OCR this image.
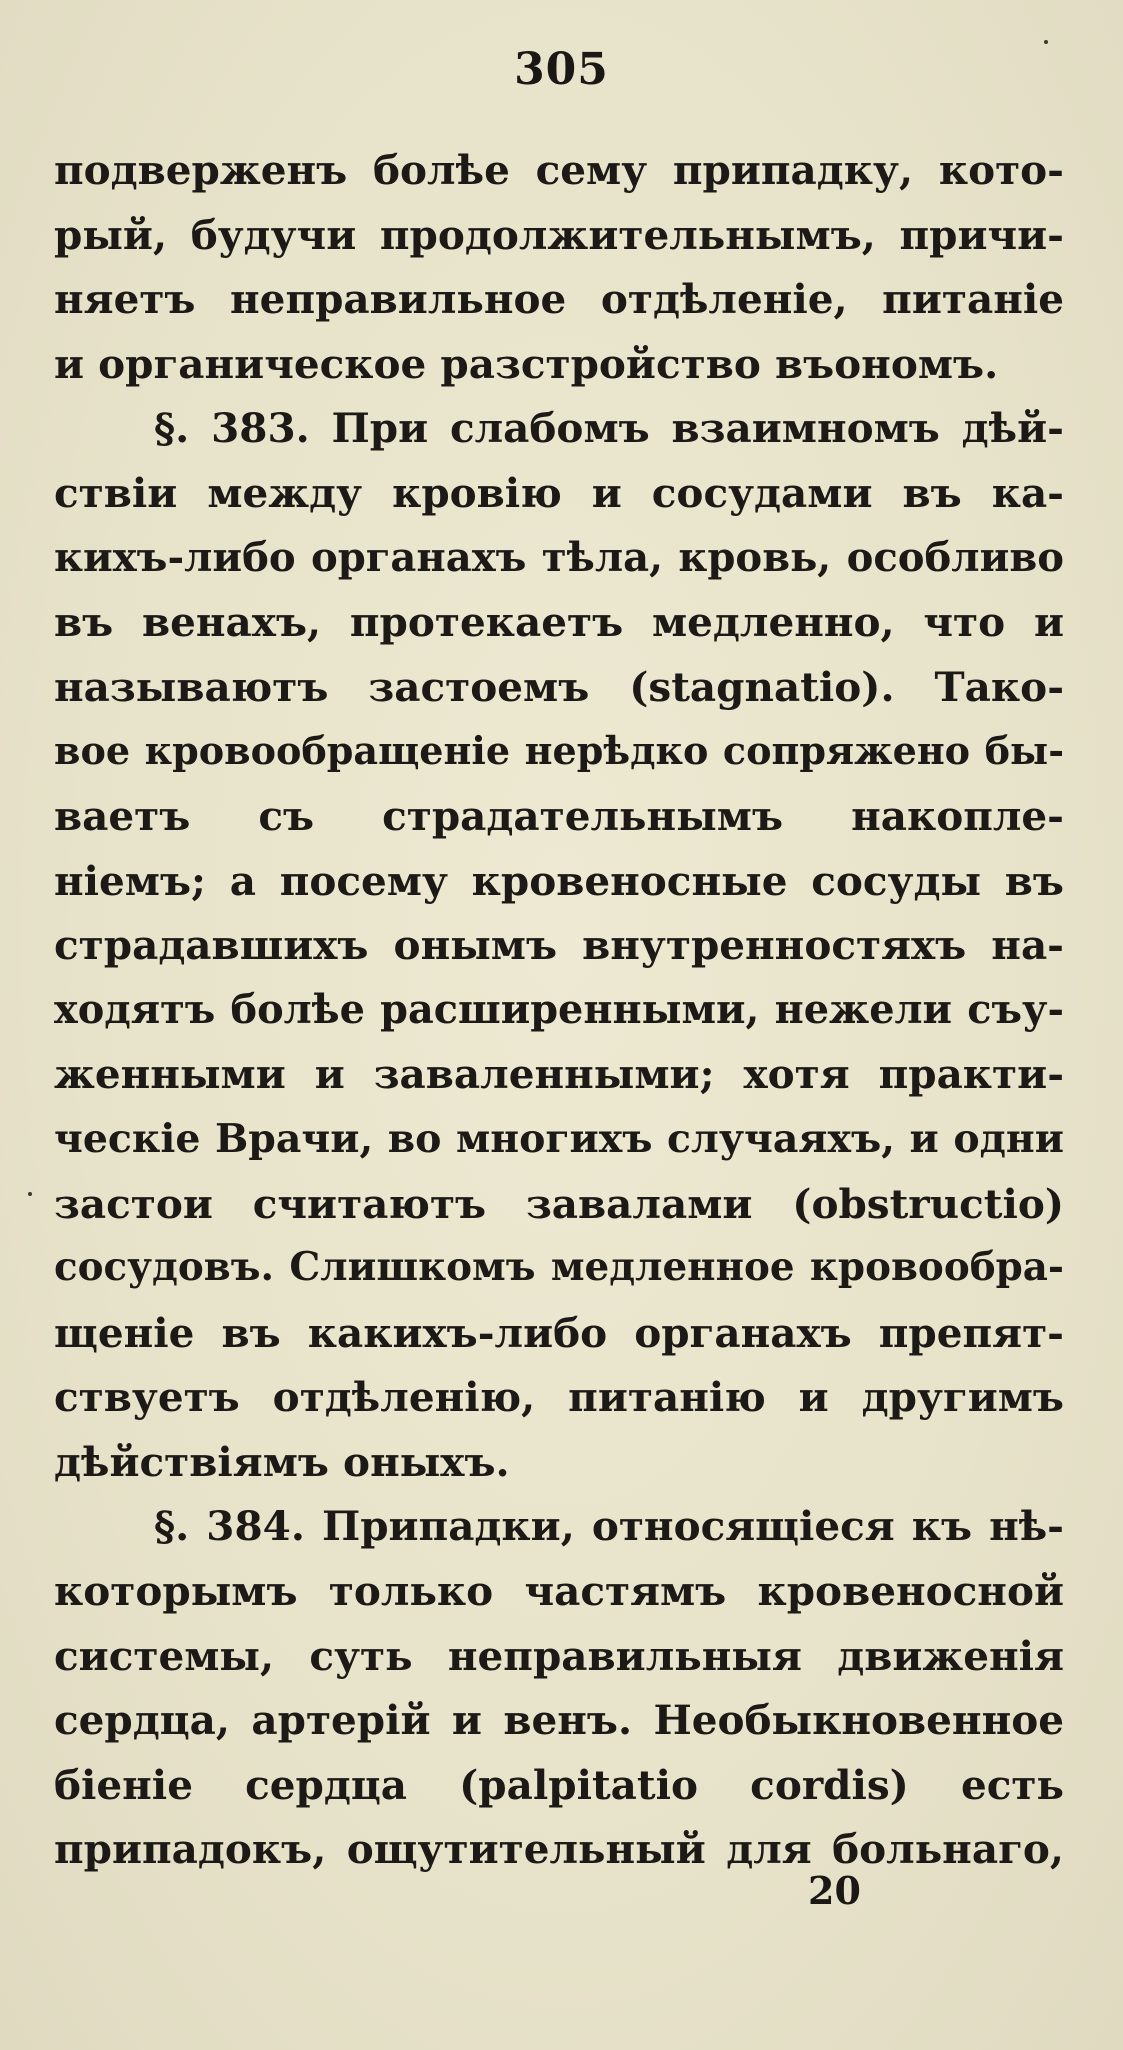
305
подверженъ болѣе сему припадку, кото-
рый, будучи продолжительнымъ, причи-
няетъ неправильное отдѣленіе, питаніе
и органическое разстройство въономъ.
§. 383. При слабомъ взаимномъ дѣй-
ствіи между кровію и сосудами въ ка-
кихъ-либо органахъ тѣла, кровь, особливо
въ венахъ, протекаетъ медленно, что и
называютъ застоемъ (stagnatio). Тако-
вое кровообращеніе нерѣдко сопряжено бы-
ваетъ съ страдательнымъ накопле-
ніемъ; а посему кровеносные сосуды въ
страдавшихъ онымъ внутренностяхъ на-
ходятъ болѣе расширенными, нежели съу-
женными и заваленными; хотя практи-
ческіе Врачи, во многихъ случаяхъ, и одни
застои считаютъ завалами (obstructio)
сосудовъ. Слишкомъ медленное кровообра-
щеніе въ какихъ-либо органахъ препят-
ствуетъ отдѣленію, питанію и другимъ
дѣйствіямъ оныхъ.
§. 384. Припадки, относящіеся къ нѣ-
которымъ только частямъ кровеносной
системы, суть неправильныя движенія
сердца, артерій и венъ. Необыкновенное
біеніе сердца (palpitatio cordis) есть
припадокъ, ощутительный для больнаго,
20
